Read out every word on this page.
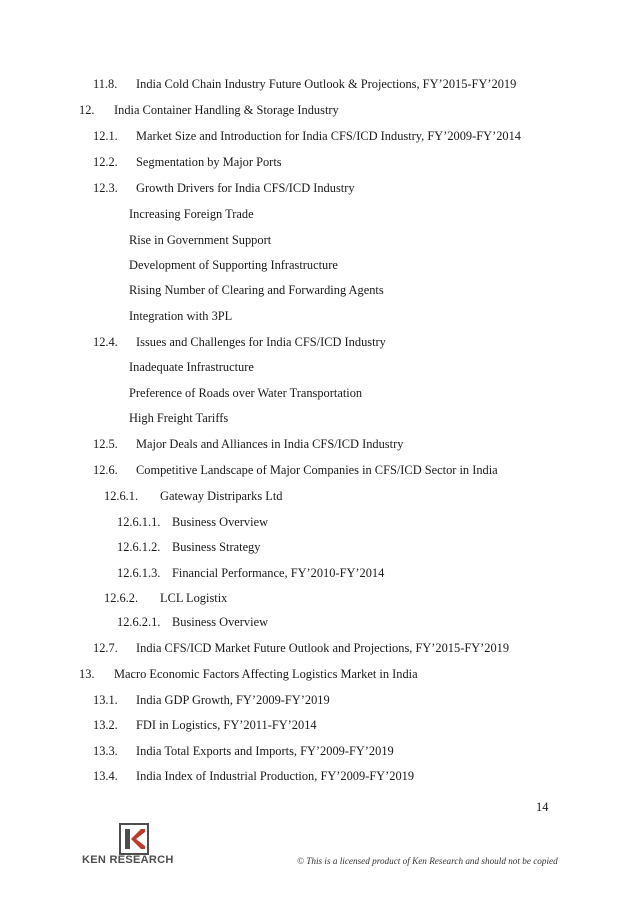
11.8. India Cold Chain Industry Future Outlook & Projections, FY’2015-FY’2019
12. India Container Handling & Storage Industry
12.1. Market Size and Introduction for India CFS/ICD Industry, FY’2009-FY’2014
12.2. Segmentation by Major Ports
12.3. Growth Drivers for India CFS/ICD Industry
Increasing Foreign Trade
Rise in Government Support
Development of Supporting Infrastructure
Rising Number of Clearing and Forwarding Agents
Integration with 3PL
12.4. Issues and Challenges for India CFS/ICD Industry
Inadequate Infrastructure
Preference of Roads over Water Transportation
High Freight Tariffs
12.5. Major Deals and Alliances in India CFS/ICD Industry
12.6. Competitive Landscape of Major Companies in CFS/ICD Sector in India
12.6.1. Gateway Distriparks Ltd
12.6.1.1. Business Overview
12.6.1.2. Business Strategy
12.6.1.3. Financial Performance, FY’2010-FY’2014
12.6.2. LCL Logistix
12.6.2.1. Business Overview
12.7. India CFS/ICD Market Future Outlook and Projections, FY’2015-FY’2019
13. Macro Economic Factors Affecting Logistics Market in India
13.1. India GDP Growth, FY’2009-FY’2019
13.2. FDI in Logistics, FY’2011-FY’2014
13.3. India Total Exports and Imports, FY’2009-FY’2019
13.4. India Index of Industrial Production, FY’2009-FY’2019
14
KEN RESEARCH	© This is a licensed product of Ken Research and should not be copied
